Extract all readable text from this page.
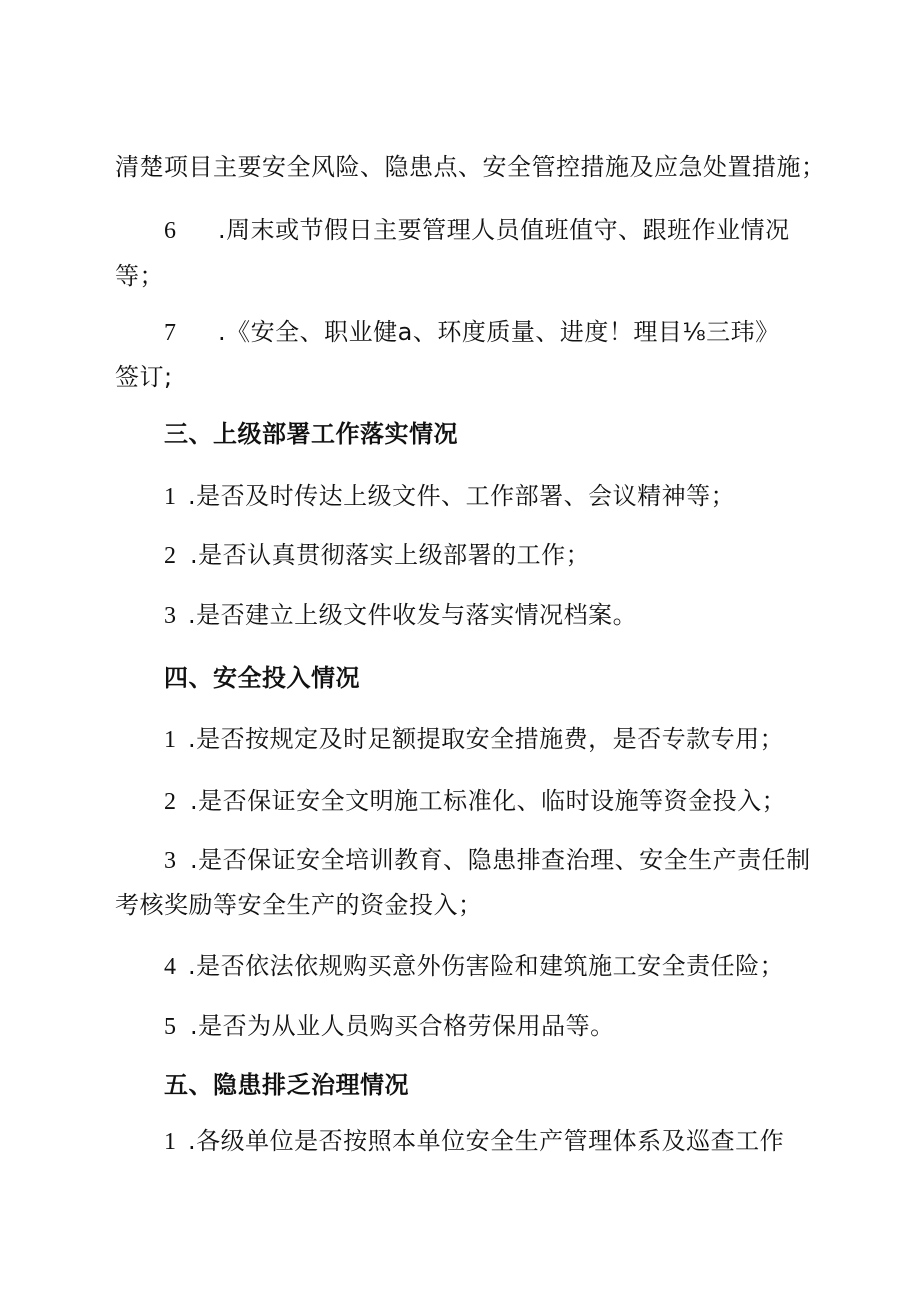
清楚项目主要安全风险、隐患点、安全管控措施及应急处置措施；
6 .周末或节假日主要管理人员值班值守、跟班作业情况
等；
7 .《安全、职业健a、环度质量、进度！理目⅛三玮》
签订;
三、上级部署工作落实情况
1 .是否及时传达上级文件、工作部署、会议精神等；
2 .是否认真贯彻落实上级部署的工作；
3 .是否建立上级文件收发与落实情况档案。
四、安全投入情况
1 .是否按规定及时足额提取安全措施费，是否专款专用；
2 .是否保证安全文明施工标准化、临时设施等资金投入；
3 .是否保证安全培训教育、隐患排查治理、安全生产责任制
考核奖励等安全生产的资金投入；
4 .是否依法依规购买意外伤害险和建筑施工安全责任险；
5 .是否为从业人员购买合格劳保用品等。
五、隐患排乏治理情况
1 .各级单位是否按照本单位安全生产管理体系及巡查工作
